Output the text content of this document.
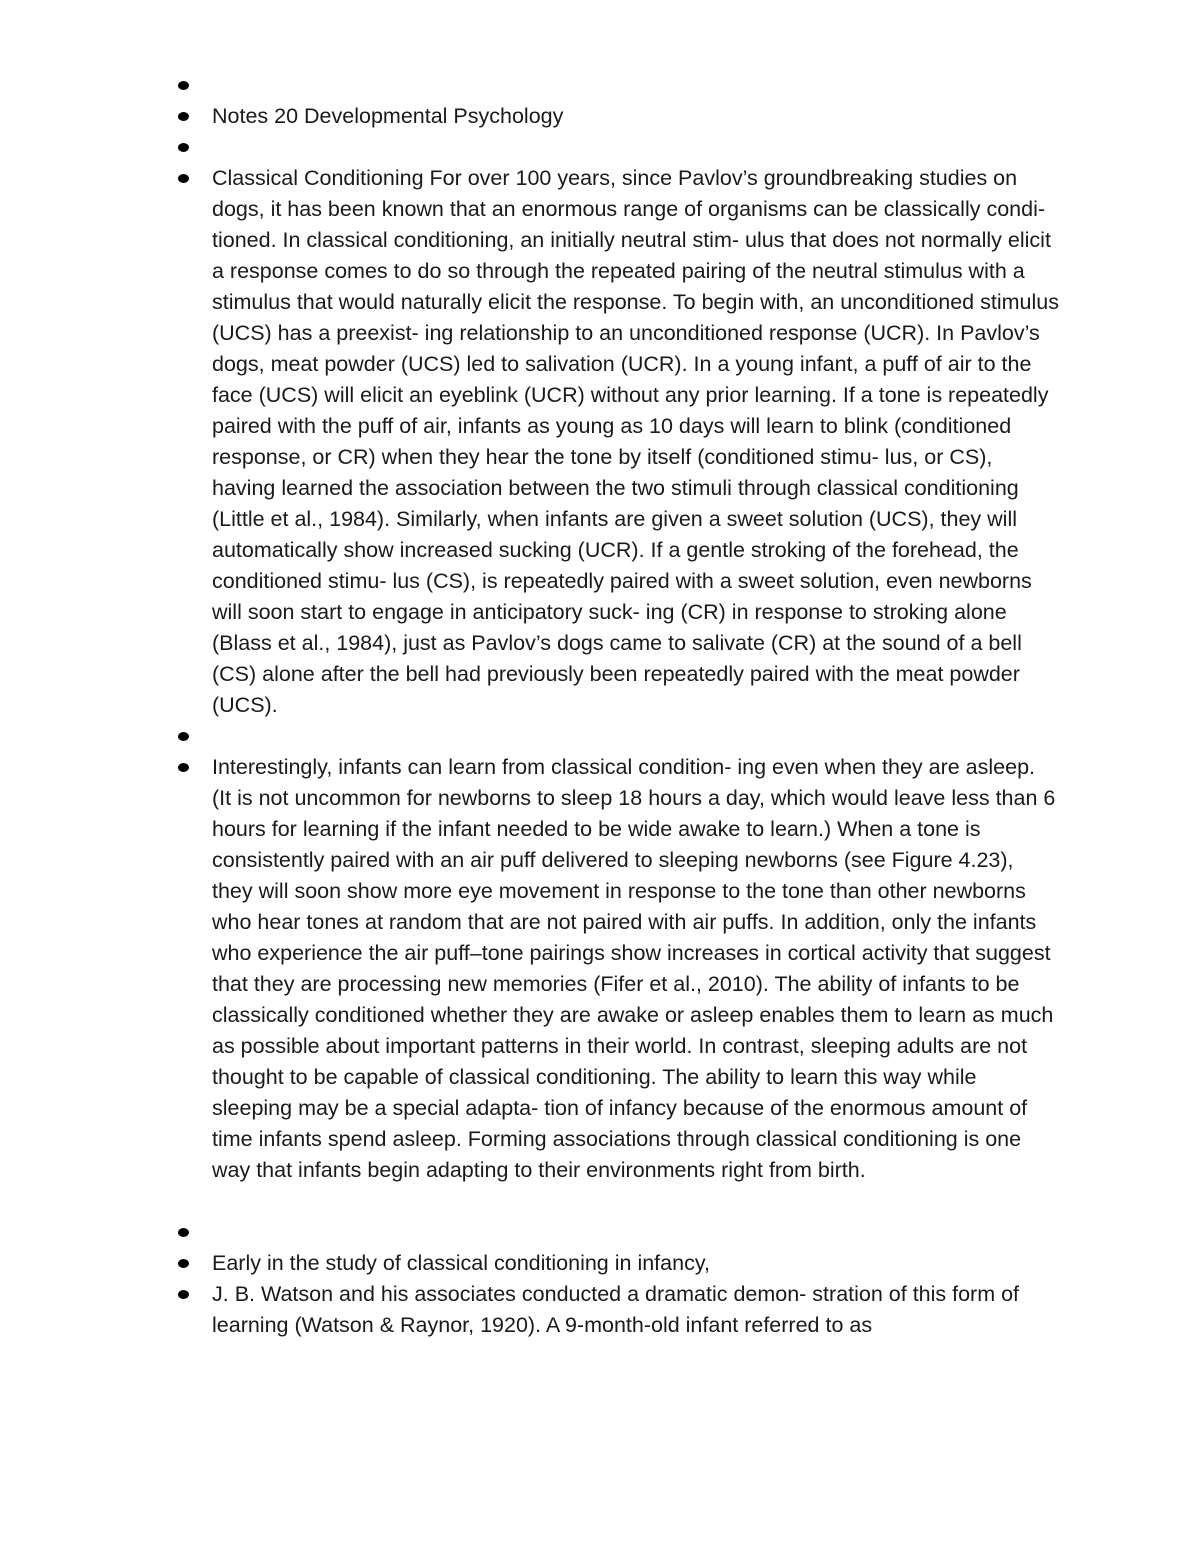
Notes 20 Developmental Psychology
Classical Conditioning For over 100 years, since Pavlov’s groundbreaking studies on dogs, it has been known that an enormous range of organisms can be classically condi- tioned. In classical conditioning, an initially neutral stim- ulus that does not normally elicit a response comes to do so through the repeated pairing of the neutral stimulus with a stimulus that would naturally elicit the response. To begin with, an unconditioned stimulus (UCS) has a preexist- ing relationship to an unconditioned response (UCR). In Pavlov’s dogs, meat powder (UCS) led to salivation (UCR). In a young infant, a puff of air to the face (UCS) will elicit an eyeblink (UCR) without any prior learning. If a tone is repeatedly paired with the puff of air, infants as young as 10 days will learn to blink (conditioned response, or CR) when they hear the tone by itself (conditioned stimu- lus, or CS), having learned the association between the two stimuli through classical conditioning (Little et al., 1984). Similarly, when infants are given a sweet solution (UCS), they will automatically show increased sucking (UCR). If a gentle stroking of the forehead, the conditioned stimu- lus (CS), is repeatedly paired with a sweet solution, even newborns will soon start to engage in anticipatory suck- ing (CR) in response to stroking alone (Blass et al., 1984), just as Pavlov’s dogs came to salivate (CR) at the sound of a bell (CS) alone after the bell had previously been repeatedly paired with the meat powder (UCS).
Interestingly, infants can learn from classical condition- ing even when they are asleep. (It is not uncommon for newborns to sleep 18 hours a day, which would leave less than 6 hours for learning if the infant needed to be wide awake to learn.) When a tone is consistently paired with an air puff delivered to sleeping newborns (see Figure 4.23), they will soon show more eye movement in response to the tone than other newborns who hear tones at random that are not paired with air puffs. In addition, only the infants who experience the air puff–tone pairings show increases in cortical activity that suggest that they are processing new memories (Fifer et al., 2010). The ability of infants to be classically conditioned whether they are awake or asleep enables them to learn as much as possible about important patterns in their world. In contrast, sleeping adults are not thought to be capable of classical conditioning. The ability to learn this way while sleeping may be a special adapta- tion of infancy because of the enormous amount of time infants spend asleep. Forming associations through classical conditioning is one way that infants begin adapting to their environments right from birth.
Early in the study of classical conditioning in infancy,
J. B. Watson and his associates conducted a dramatic demon- stration of this form of learning (Watson & Raynor, 1920). A 9-month-old infant referred to as
